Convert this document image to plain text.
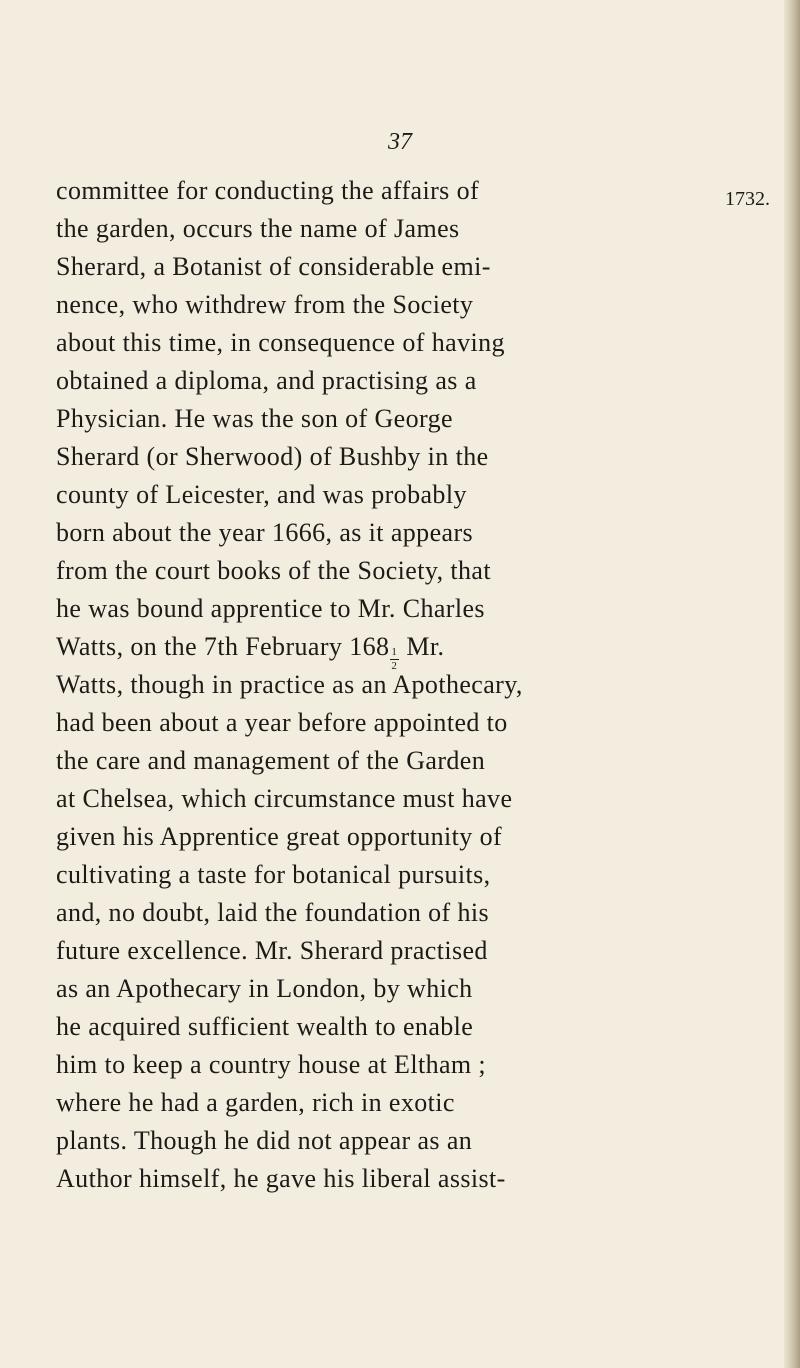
37
1732.
committee for conducting the affairs of
the garden, occurs the name of James
Sherard, a Botanist of considerable emi-
nence, who withdrew from the Society
about this time, in consequence of having
obtained a diploma, and practising as a
Physician. He was the son of George
Sherard (or Sherwood) of Bushby in the
county of Leicester, and was probably
born about the year 1666, as it appears
from the court books of the Society, that
he was bound apprentice to Mr. Charles
Watts, on the 7th February 168
$\frac{1}{2}$
Mr.
Watts, though in practice as an Apothecary,
had been about a year before appointed to
the care and management of the Garden
at Chelsea, which circumstance must have
given his Apprentice great opportunity of
cultivating a taste for botanical pursuits,
and, no doubt, laid the foundation of his
future excellence. Mr. Sherard practised
as an Apothecary in London, by which
he acquired sufficient wealth to enable
him to keep a country house at Eltham ;
where he had a garden, rich in exotic
plants. Though he did not appear as an
Author himself, he gave his liberal assist-
